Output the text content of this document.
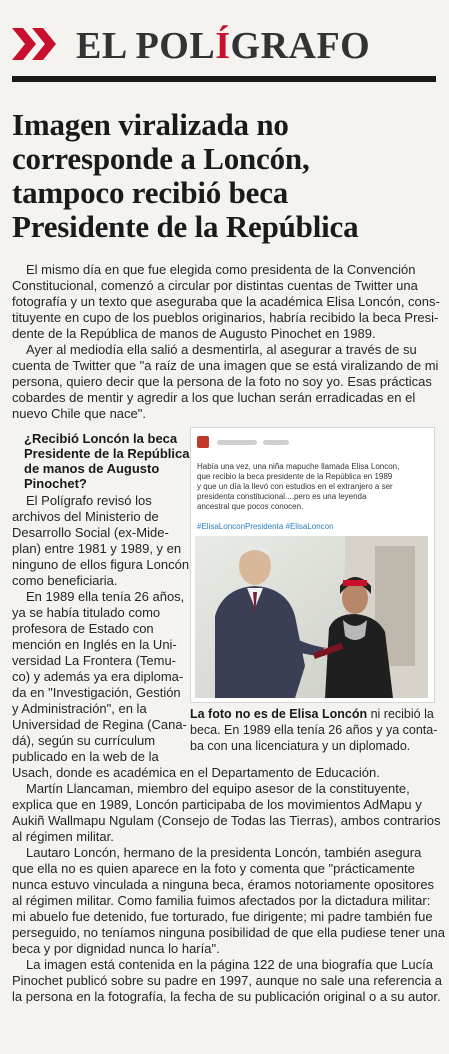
EL POLÍGRAFO
Imagen viralizada no
corresponde a Loncón,
tampoco recibió beca
Presidente de la República
El mismo día en que fue elegida como presidenta de la Convención
Constitucional, comenzó a circular por distintas cuentas de Twitter una
fotografía y un texto que aseguraba que la académica Elisa Loncón, cons-
tituyente en cupo de los pueblos originarios, habría recibido la beca Presi-
dente de la República de manos de Augusto Pinochet en 1989.
Ayer al mediodía ella salió a desmentirla, al asegurar a través de su
cuenta de Twitter que "a raíz de una imagen que se está viralizando de mi
persona, quiero decir que la persona de la foto no soy yo. Esas prácticas
cobardes de mentir y agredir a los que luchan serán erradicadas en el
nuevo Chile que nace".
¿Recibió Loncón la beca
Presidente de la República
de manos de Augusto
Pinochet?
El Polígrafo revisó los
archivos del Ministerio de
Desarrollo Social (ex-Mide-
plan) entre 1981 y 1989, y en
ninguno de ellos figura Loncón
como beneficiaria.
En 1989 ella tenía 26 años,
ya se había titulado como
profesora de Estado con
mención en Inglés en la Uni-
versidad La Frontera (Temu-
co) y además ya era diploma-
da en "Investigación, Gestión
y Administración", en la
Universidad de Regina (Cana-
dá), según su currículum
publicado en la web de la

Había una vez, una niña mapuche llamada Elisa Loncon,
que recibio la beca presidente de la República en 1989
y que un día la llevó con estudios en el extranjero a ser
presidenta constitucional....pero es una leyenda
ancestral que pocos conocen.

#ElisaLonconPresidenta #ElisaLoncon

La foto no es de Elisa Loncón ni recibió la
beca. En 1989 ella tenía 26 años y ya conta-
ba con una licenciatura y un diplomado.

Usach, donde es académica en el Departamento de Educación.
Martín Llancaman, miembro del equipo asesor de la constituyente,
explica que en 1989, Loncón participaba de los movimientos AdMapu y
Aukiñ Wallmapu Ngulam (Consejo de Todas las Tierras), ambos contrarios
al régimen militar.
Lautaro Loncón, hermano de la presidenta Loncón, también asegura
que ella no es quien aparece en la foto y comenta que "prácticamente
nunca estuvo vinculada a ninguna beca, éramos notoriamente opositores
al régimen militar. Como familia fuimos afectados por la dictadura militar:
mi abuelo fue detenido, fue torturado, fue dirigente; mi padre también fue
perseguido, no teníamos ninguna posibilidad de que ella pudiese tener una
beca y por dignidad nunca lo haría".
La imagen está contenida en la página 122 de una biografía que Lucía
Pinochet publicó sobre su padre en 1997, aunque no sale una referencia a
la persona en la fotografía, la fecha de su publicación original o a su autor.
